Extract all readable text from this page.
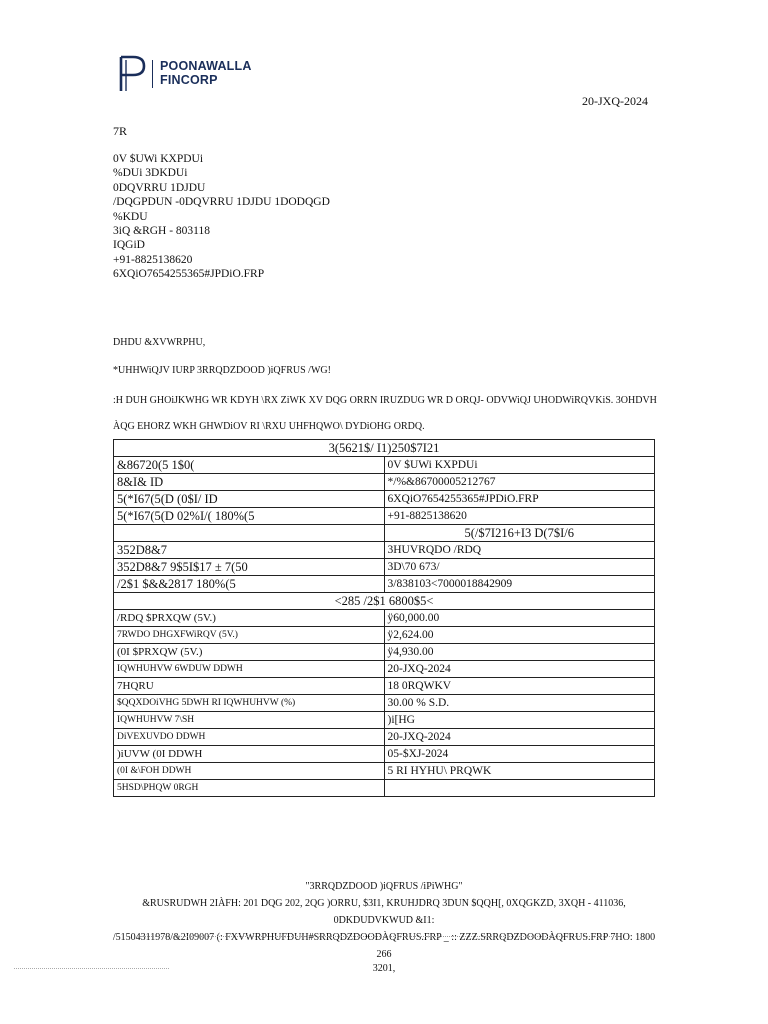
POONAWALLA
FINCORP
20-JXQ-2024
7R
0V $UWi KXPDUi
%DUi 3DKDUi
0DQVRRU 1DJDU
/DQGPDUN -0DQVRRU 1DJDU 1DODQGD
%KDU
3iQ &RGH - 803118
IQGiD
+91-8825138620
6XQiO7654255365#JPDiO.FRP
DHDU &XVWRPHU,
*UHHWiQJV IURP 3RRQDZDOOD )iQFRUS /WG!
:H DUH GHOiJKWHG WR KDYH \RX ZiWK XV DQG ORRN IRUZDUG WR D ORQJ- ODVWiQJ UHODWiRQVKiS. 3OHDVH
ÀQG EHORZ WKH GHWDiOV RI \RXU UHFHQWO\ DYDiOHG ORDQ.
3(5621$/ I1)250$7I21	
&86720(5 1$0(	0V $UWi KXPDUi
8&I& ID	*/%&86700005212767
5(*I67(5(D (0$I/ ID	6XQiO7654255365#JPDiO.FRP
5(*I67(5(D 02%I/( 180%(5	+91-8825138620
	5(/$7I216+I3 D(7$I/6
352D8&7	3HUVRQDO /RDQ
352D8&7 9$5I$17 ± 7(50	3D\70 673/
/2$1 $&&2817 180%(5	3/838103<7000018842909
<285 /2$1 6800$5<	
/RDQ $PRXQW (5V.)	ÿ60,000.00
7RWDO DHGXFWiRQV (5V.)	ÿ2,624.00
(0I $PRXQW (5V.)	ÿ4,930.00
IQWHUHVW 6WDUW DDWH	20-JXQ-2024
7HQRU	18 0RQWKV
$QQXDOiVHG 5DWH RI IQWHUHVW (%)	30.00 % S.D.
IQWHUHVW 7\SH	)i[HG
DiVEXUVDO DDWH	20-JXQ-2024
)iUVW (0I DDWH	05-$XJ-2024
(0I &\FOH DDWH	5 RI HYHU\ PRQWK
5HSD\PHQW 0RGH	
"3RRQDZDOOD )iQFRUS /iPiWHG"
&RUSRUDWH 2IÀFH: 201 DQG 202, 2QG )ORRU, $3I1, KRUHJDRQ 3DUN $QQH[, 0XQGKZD, 3XQH - 411036, 0DKDUDVKWUD &I1:
/51504311978/&2I09007 (: FXVWRPHUFDUH#SRRQDZDOODÀQFRUS.FRP _ :: ZZZ.SRRQDZDOODÀQFRUS.FRP 7HO: 1800 266
3201,
